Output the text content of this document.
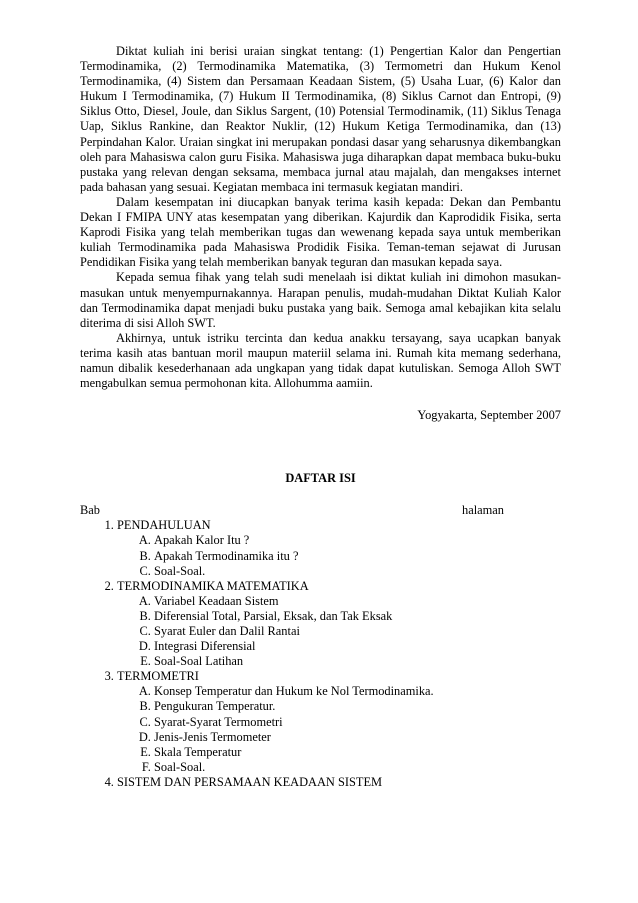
Diktat kuliah ini berisi uraian singkat tentang: (1) Pengertian Kalor dan Pengertian Termodinamika, (2) Termodinamika Matematika, (3) Termometri dan Hukum Kenol Termodinamika, (4) Sistem dan Persamaan Keadaan Sistem, (5) Usaha Luar, (6) Kalor dan Hukum I Termodinamika, (7) Hukum II Termodinamika, (8) Siklus Carnot dan Entropi, (9) Siklus Otto, Diesel, Joule, dan Siklus Sargent, (10) Potensial Termodinamik, (11) Siklus Tenaga Uap, Siklus Rankine, dan Reaktor Nuklir, (12) Hukum Ketiga Termodinamika, dan (13) Perpindahan Kalor. Uraian singkat ini merupakan pondasi dasar yang seharusnya dikembangkan oleh para Mahasiswa calon guru Fisika. Mahasiswa juga diharapkan dapat membaca buku-buku pustaka yang relevan dengan seksama, membaca jurnal atau majalah, dan mengakses internet pada bahasan yang sesuai. Kegiatan membaca ini termasuk kegiatan mandiri.

Dalam kesempatan ini diucapkan banyak terima kasih kepada: Dekan dan Pembantu Dekan I FMIPA UNY atas kesempatan yang diberikan. Kajurdik dan Kaprodidik Fisika, serta Kaprodi Fisika yang telah memberikan tugas dan wewenang kepada saya untuk memberikan kuliah Termodinamika pada Mahasiswa Prodidik Fisika. Teman-teman sejawat di Jurusan Pendidikan Fisika yang telah memberikan banyak teguran dan masukan kepada saya.

Kepada semua fihak yang telah sudi menelaah isi diktat kuliah ini dimohon masukan-masukan untuk menyempurnakannya. Harapan penulis, mudah-mudahan Diktat Kuliah Kalor dan Termodinamika dapat menjadi buku pustaka yang baik. Semoga amal kebajikan kita selalu diterima di sisi Alloh SWT.

Akhirnya, untuk istriku tercinta dan kedua anakku tersayang, saya ucapkan banyak terima kasih atas bantuan moril maupun materiil selama ini. Rumah kita memang sederhana, namun dibalik kesederhanaan ada ungkapan yang tidak dapat kutuliskan. Semoga Alloh SWT mengabulkan semua permohonan kita. Allohumma aamiin.

Yogyakarta, September 2007
DAFTAR ISI
Bab	halaman
1. PENDAHULUAN
A. Apakah Kalor Itu ?
B. Apakah Termodinamika itu ?
C. Soal-Soal.
2. TERMODINAMIKA MATEMATIKA
A. Variabel Keadaan Sistem
B. Diferensial Total, Parsial, Eksak, dan Tak Eksak
C. Syarat Euler dan Dalil Rantai
D. Integrasi Diferensial
E. Soal-Soal Latihan
3. TERMOMETRI
A. Konsep Temperatur dan Hukum ke Nol Termodinamika.
B. Pengukuran Temperatur.
C. Syarat-Syarat Termometri
D. Jenis-Jenis Termometer
E. Skala Temperatur
F. Soal-Soal.
4. SISTEM DAN PERSAMAAN KEADAAN SISTEM
